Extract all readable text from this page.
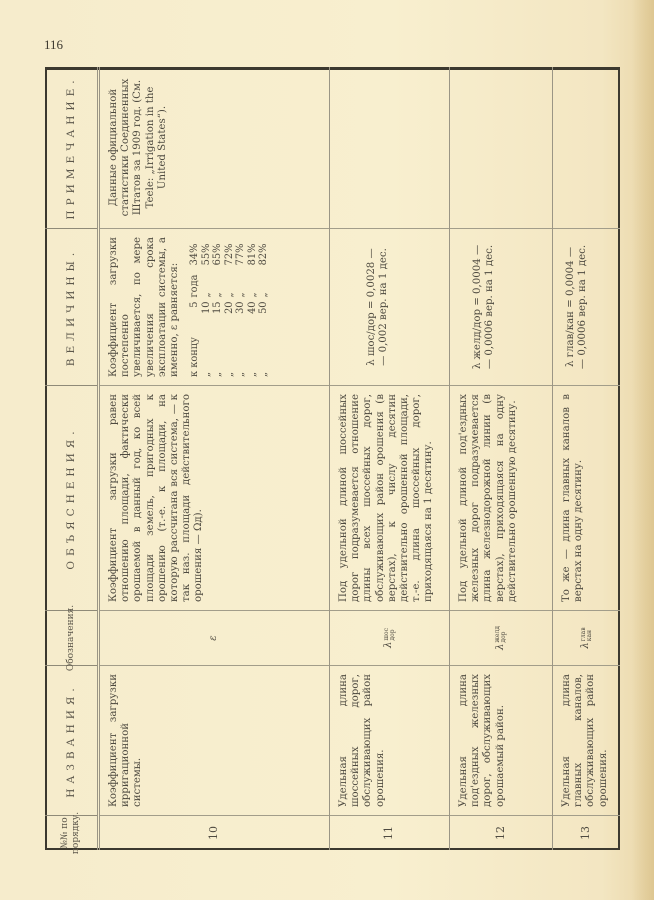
116
№№ по порядку.
НАЗВАНИЯ.
Обозначения.
ОБЪЯСНЕНИЯ.
ВЕЛИЧИНЫ.
ПРИМЕЧАНИЕ.
10
Коэффициент загрузки ирригационной системы.
ε
Коэффициент загрузки равен отношению площади, фактически орошаемой в данный год, ко всей площади земель, пригодных к орошению (т.-е. к площади, на которую рассчитана вся система, — к так наз. площади действительного орошения — Ωд).
Коэффициент загрузки постепенно увеличивается, по мере увеличения срока эксплоатации системы, а именно, ε равняется: к концу
5
года
34%
„
10
„
55%
„
15
„
65%
„
20
„
72%
„
30
„
77%
„
40
„
81%
„
50
„
82%
Данные официальной статистики Соединенных Штатов за 1909 год. (См. Teele: „Irrigation in the United States“).
11
Удельная длина шоссейных дорог, обслуживающих район орошения.
λ
шос дор
Под удельной длиной шоссейных дорог подразумевается отношение длины всех шоссейных дорог, обслуживающих район орошения (в верстах), к числу десятин действительно орошенной площади, т.-е. длина шоссейных дорог, приходящаяся на 1 десятину.
λ шос/дор = 0,0028 — — 0,002 вер. на 1 дес.
12
Удельная длина под'ездных железных дорог, обслуживающих орошаемый район.
λ
желд дор
Под удельной длиной под'ездных железных дорог подразумевается длина железнодорожной линии (в верстах), приходящаяся на одну действительно орошенную десятину.
λ желд/дор = 0,0004 — — 0,0006 вер. на 1 дес.
13
Удельная длина главных каналов, обслуживающих район орошения.
λ
глав кан
То же — длина главных каналов в верстах на одну десятину.
λ глав/кан = 0,0004 — — 0,0006 вер. на 1 дес.
